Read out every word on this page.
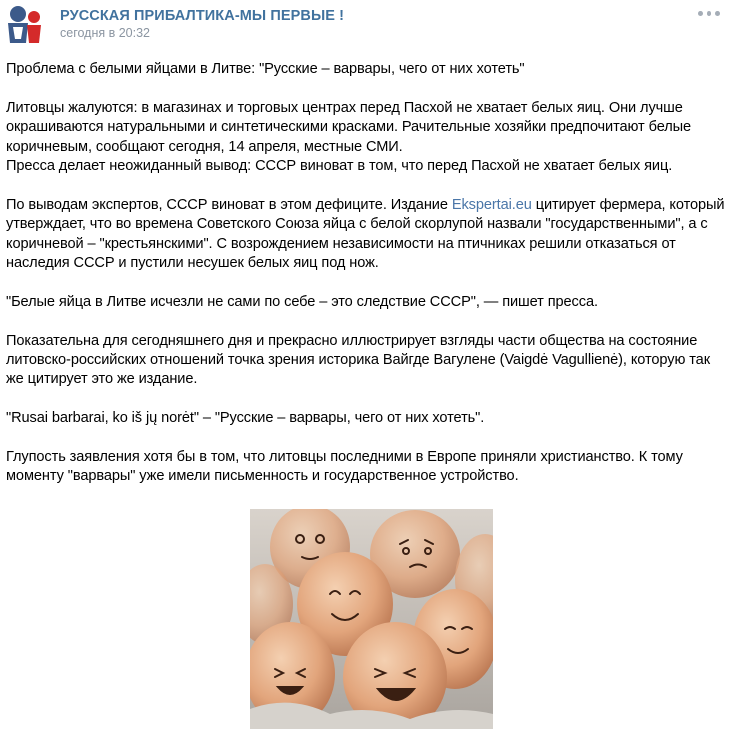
РУССКАЯ ПРИБАЛТИКА-МЫ ПЕРВЫЕ !
сегодня в 20:32

Проблема с белыми яйцами в Литве: "Русские – варвары, чего от них хотеть"

Литовцы жалуются: в магазинах и торговых центрах перед Пасхой не хватает белых яиц. Они лучше окрашиваются натуральными и синтетическими красками. Рачительные хозяйки предпочитают белые коричневым, сообщают сегодня, 14 апреля, местные СМИ.
Пресса делает неожиданный вывод: СССР виноват в том, что перед Пасхой не хватает белых яиц.

По выводам экспертов, СССР виноват в этом дефиците. Издание Ekspertai.eu цитирует фермера, который утверждает, что во времена Советского Союза яйца с белой скорлупой назвали "государственными", а с коричневой – "крестьянскими". С возрождением независимости на птичниках решили отказаться от наследия СССР и пустили несушек белых яиц под нож.

"Белые яйца в Литве исчезли не сами по себе – это следствие СССР", — пишет пресса.

Показательна для сегодняшнего дня и прекрасно иллюстрирует взгляды части общества на состояние литовско-российских отношений точка зрения историка Вайгде Вагулене (Vaigdė Vagullienė), которую так же цитирует это же издание.

"Rusai barbarai, ko iš jų norėt" – "Русские – варвары, чего от них хотеть".

Глупость заявления хотя бы в том, что литовцы последними в Европе приняли христианство. К тому моменту "варвары" уже имели письменность и государственное устройство.
